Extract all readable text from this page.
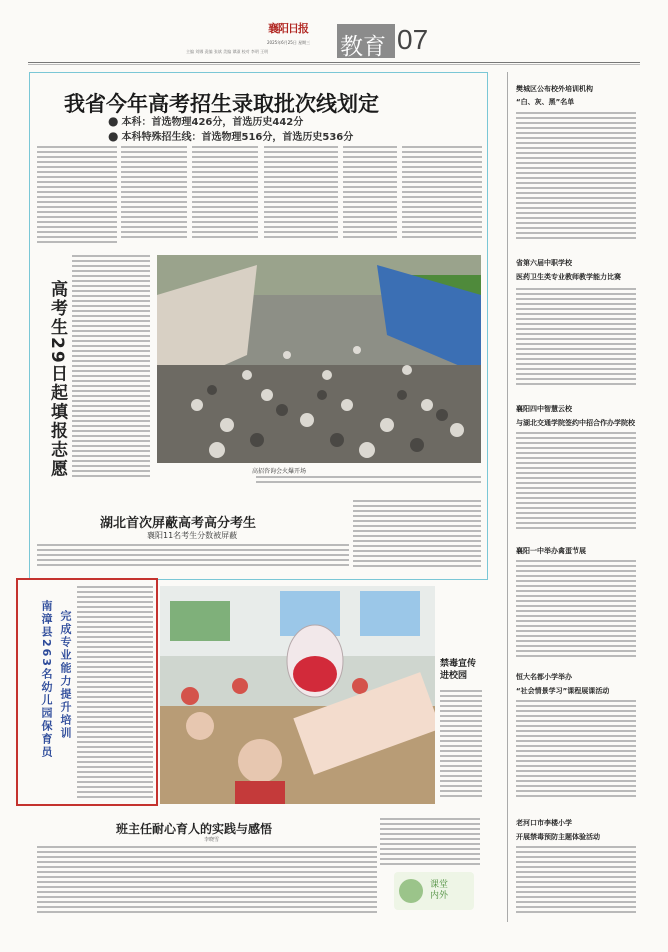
襄阳日报
2025年6月25日 星期三
主编 刘娜 责编 张斌 美编 谭淑 校对 李明 王明	教育 07
我省今年高考招生录取批次线划定
● 本科：首选物理426分，首选历史442分
● 本科特殊招生线：首选物理516分，首选历史536分
高考生29日起填报志愿	高招咨询会火爆开场
湖北首次屏蔽高考高分考生
襄阳11名考生分数被屏蔽
完成专业能力提升培训
南漳县263名幼儿园保育员	禁毒宣传进校园
班主任耐心育人的实践与感悟
李晓雪
课堂内外
樊城区公布校外培训机构
“白、灰、黑”名单
省第六届中职学校
医药卫生类专业教师教学能力比赛
襄阳四中智慧云校
与湖北交通学院签约中招合作办学院校
襄阳一中举办禽蛋节展
恒大名都小学举办
“社会情景学习”课程展课活动
老河口市李楼小学
开展禁毒预防主题体验活动
